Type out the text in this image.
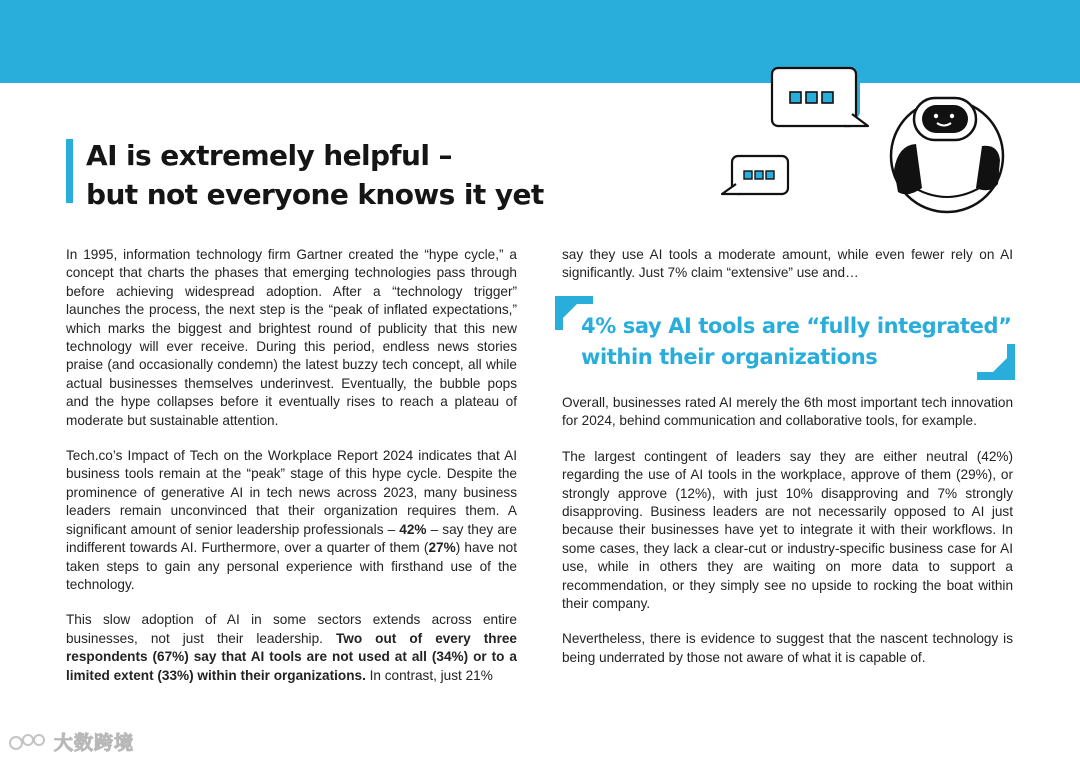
AI is extremely helpful –
but not everyone knows it yet

In 1995, information technology firm Gartner created the “hype cycle,” a concept that charts the phases that emerging technologies pass through before achieving widespread adoption. After a “technology trigger” launches the process, the next step is the “peak of inflated expectations,” which marks the biggest and brightest round of publicity that this new technology will ever receive. During this period, endless news stories praise (and occasionally condemn) the latest buzzy tech concept, all while actual businesses themselves underinvest. Eventually, the bubble pops and the hype collapses before it eventually rises to reach a plateau of moderate but sustainable attention.

Tech.co’s Impact of Tech on the Workplace Report 2024 indicates that AI business tools remain at the “peak” stage of this hype cycle. Despite the prominence of generative AI in tech news across 2023, many business leaders remain unconvinced that their organization requires them. A significant amount of senior leadership professionals – 42% – say they are indifferent towards AI. Furthermore, over a quarter of them (27%) have not taken steps to gain any personal experience with firsthand use of the technology.

This slow adoption of AI in some sectors extends across entire businesses, not just their leadership. Two out of every three respondents (67%) say that AI tools are not used at all (34%) or to a limited extent (33%) within their organizations. In contrast, just 21%

say they use AI tools a moderate amount, while even fewer rely on AI significantly. Just 7% claim “extensive” use and…

4% say AI tools are “fully integrated”
within their organizations

Overall, businesses rated AI merely the 6th most important tech innovation for 2024, behind communication and collaborative tools, for example.

The largest contingent of leaders say they are either neutral (42%) regarding the use of AI tools in the workplace, approve of them (29%), or strongly approve (12%), with just 10% disapproving and 7% strongly disapproving. Business leaders are not necessarily opposed to AI just because their businesses have yet to integrate it with their workflows. In some cases, they lack a clear-cut or industry-specific business case for AI use, while in others they are waiting on more data to support a recommendation, or they simply see no upside to rocking the boat within their company.

Nevertheless, there is evidence to suggest that the nascent technology is being underrated by those not aware of what it is capable of.

大数跨境
